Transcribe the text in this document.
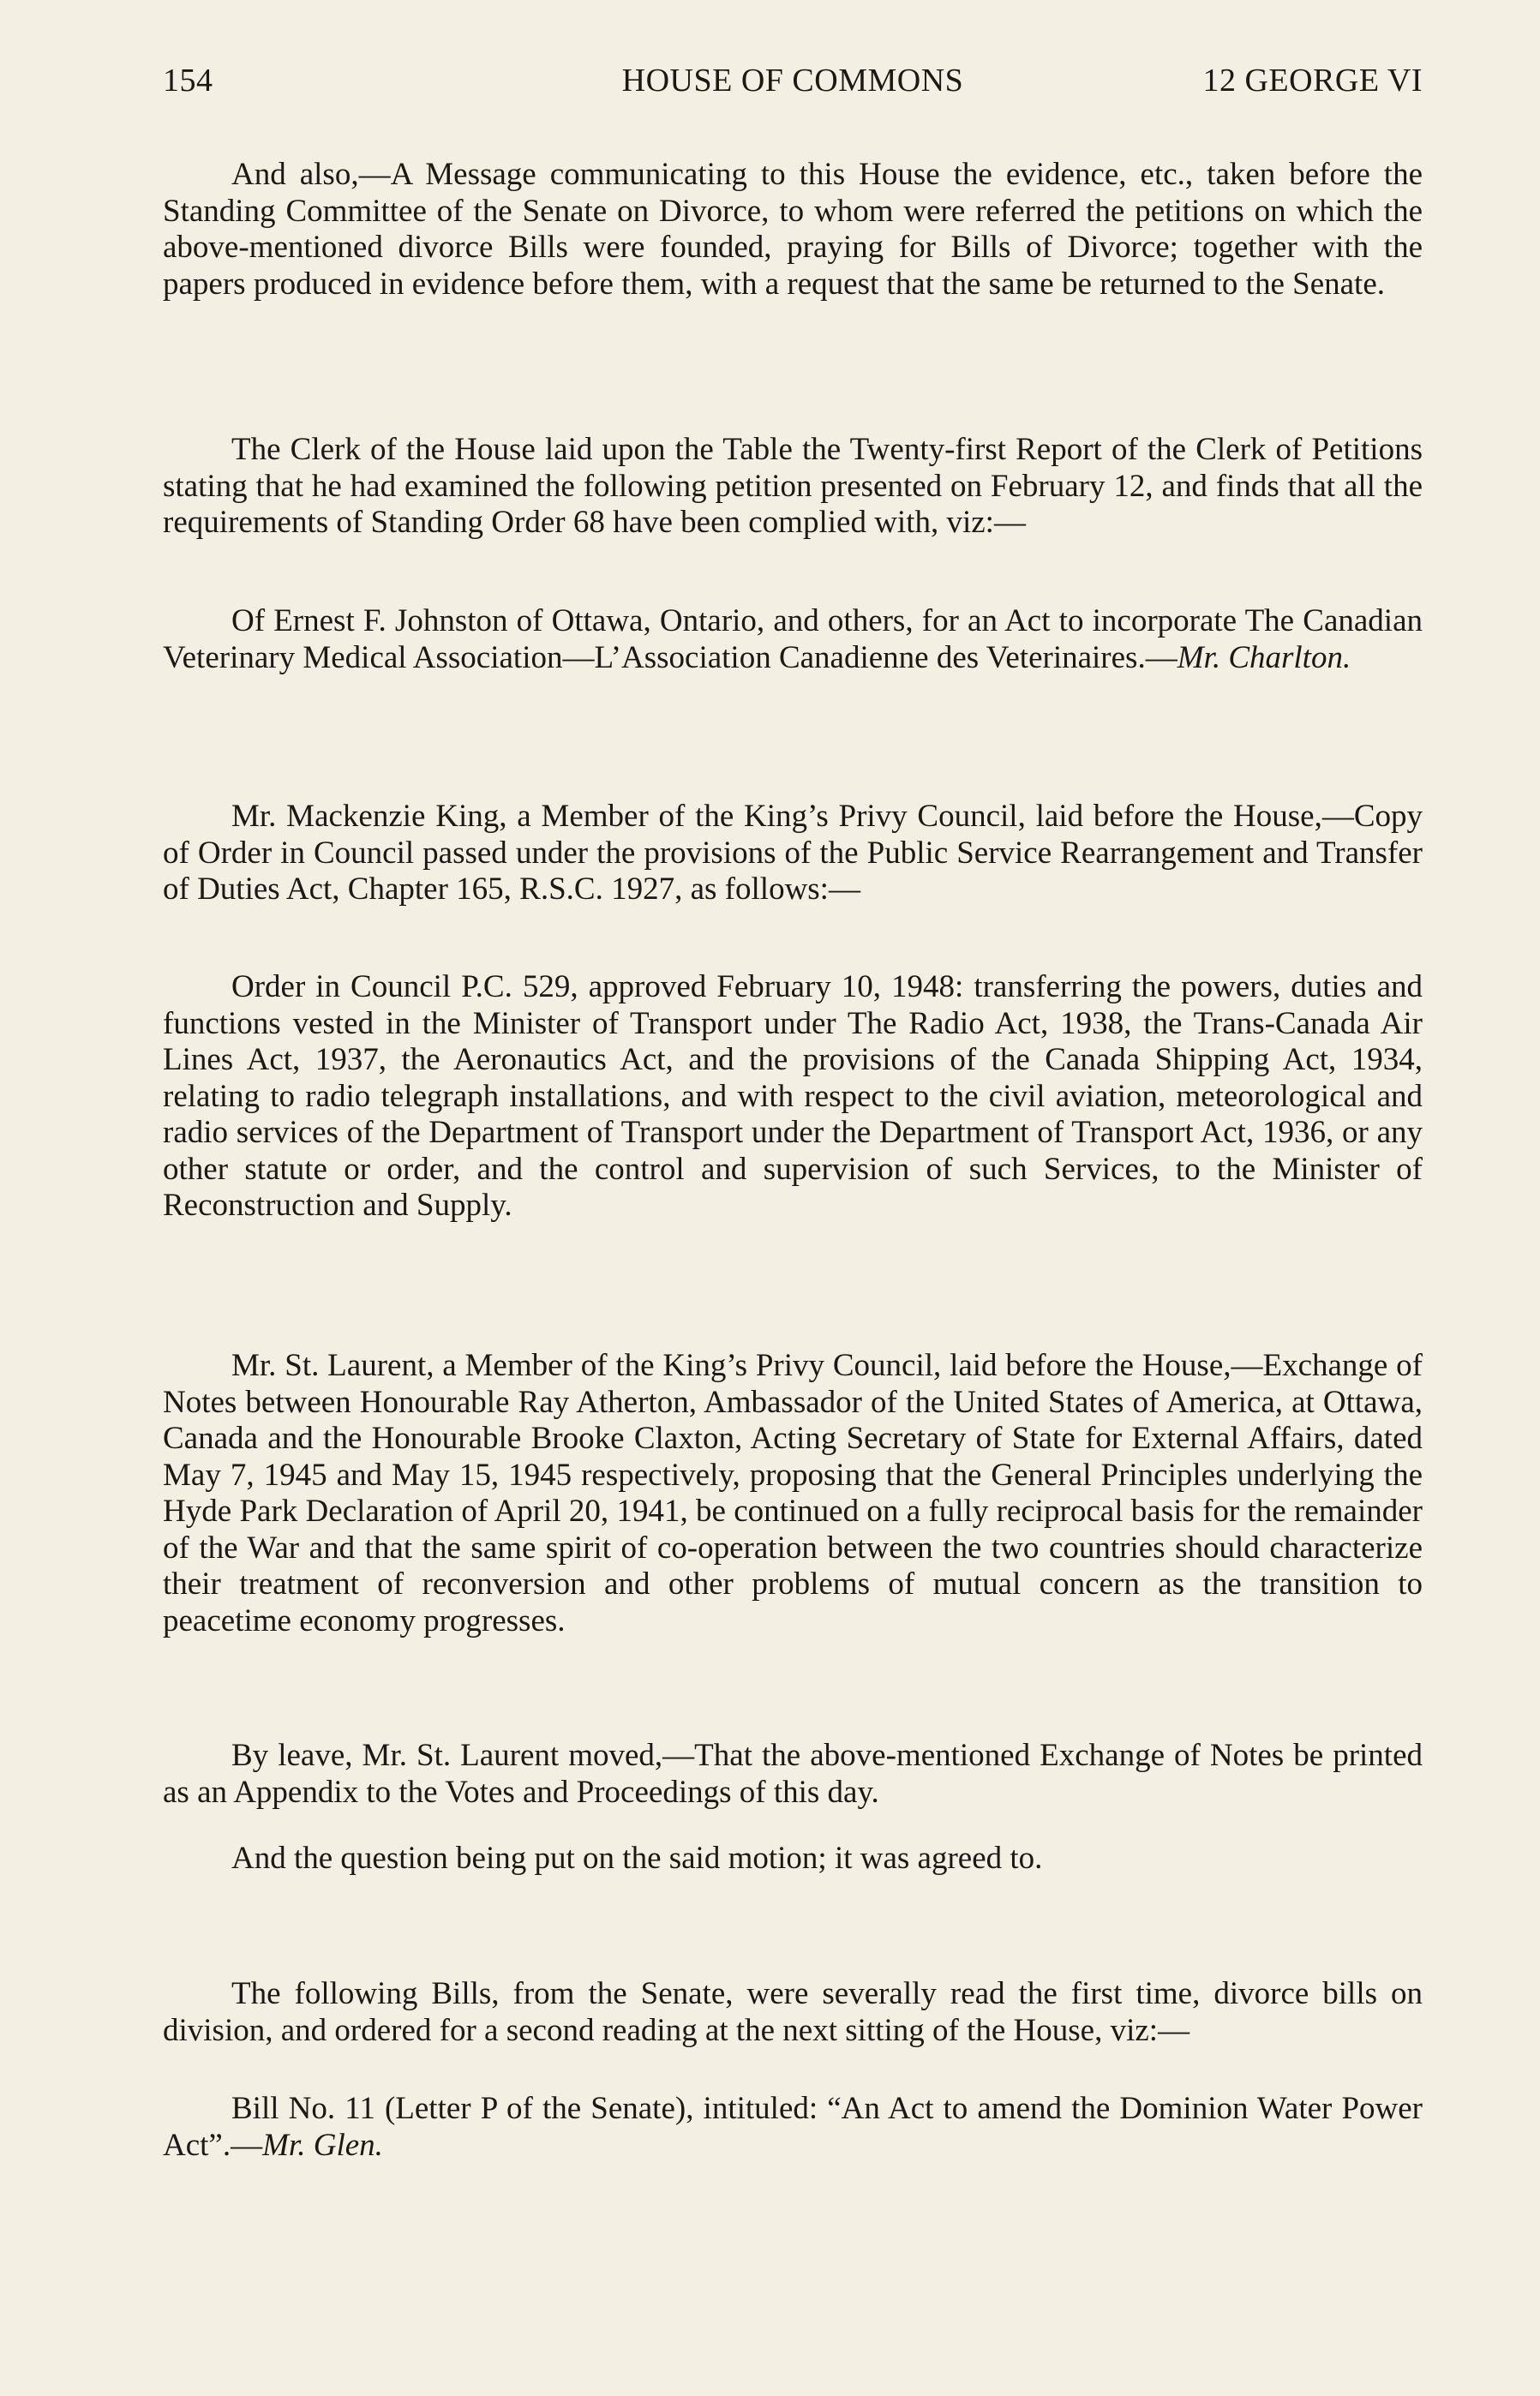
154	HOUSE OF COMMONS	12 GEORGE VI

And also,—A Message communicating to this House the evidence, etc., taken before the Standing Committee of the Senate on Divorce, to whom were referred the petitions on which the above-mentioned divorce Bills were founded, praying for Bills of Divorce; together with the papers produced in evidence before them, with a request that the same be returned to the Senate.

The Clerk of the House laid upon the Table the Twenty-first Report of the Clerk of Petitions stating that he had examined the following petition presented on February 12, and finds that all the requirements of Standing Order 68 have been complied with, viz:—

Of Ernest F. Johnston of Ottawa, Ontario, and others, for an Act to incorporate The Canadian Veterinary Medical Association—L’Association Canadienne des Veterinaires.—Mr. Charlton.

Mr. Mackenzie King, a Member of the King’s Privy Council, laid before the House,—Copy of Order in Council passed under the provisions of the Public Service Rearrangement and Transfer of Duties Act, Chapter 165, R.S.C. 1927, as follows:—

Order in Council P.C. 529, approved February 10, 1948: transferring the powers, duties and functions vested in the Minister of Transport under The Radio Act, 1938, the Trans-Canada Air Lines Act, 1937, the Aeronautics Act, and the provisions of the Canada Shipping Act, 1934, relating to radio telegraph installations, and with respect to the civil aviation, meteorological and radio services of the Department of Transport under the Department of Transport Act, 1936, or any other statute or order, and the control and supervision of such Services, to the Minister of Reconstruction and Supply.

Mr. St. Laurent, a Member of the King’s Privy Council, laid before the House,—Exchange of Notes between Honourable Ray Atherton, Ambassador of the United States of America, at Ottawa, Canada and the Honourable Brooke Claxton, Acting Secretary of State for External Affairs, dated May 7, 1945 and May 15, 1945 respectively, proposing that the General Principles underlying the Hyde Park Declaration of April 20, 1941, be continued on a fully reciprocal basis for the remainder of the War and that the same spirit of co-operation between the two countries should characterize their treatment of reconversion and other problems of mutual concern as the transition to peacetime economy progresses.

By leave, Mr. St. Laurent moved,—That the above-mentioned Exchange of Notes be printed as an Appendix to the Votes and Proceedings of this day.

And the question being put on the said motion; it was agreed to.

The following Bills, from the Senate, were severally read the first time, divorce bills on division, and ordered for a second reading at the next sitting of the House, viz:—

Bill No. 11 (Letter P of the Senate), intituled: “An Act to amend the Dominion Water Power Act”.—Mr. Glen.
